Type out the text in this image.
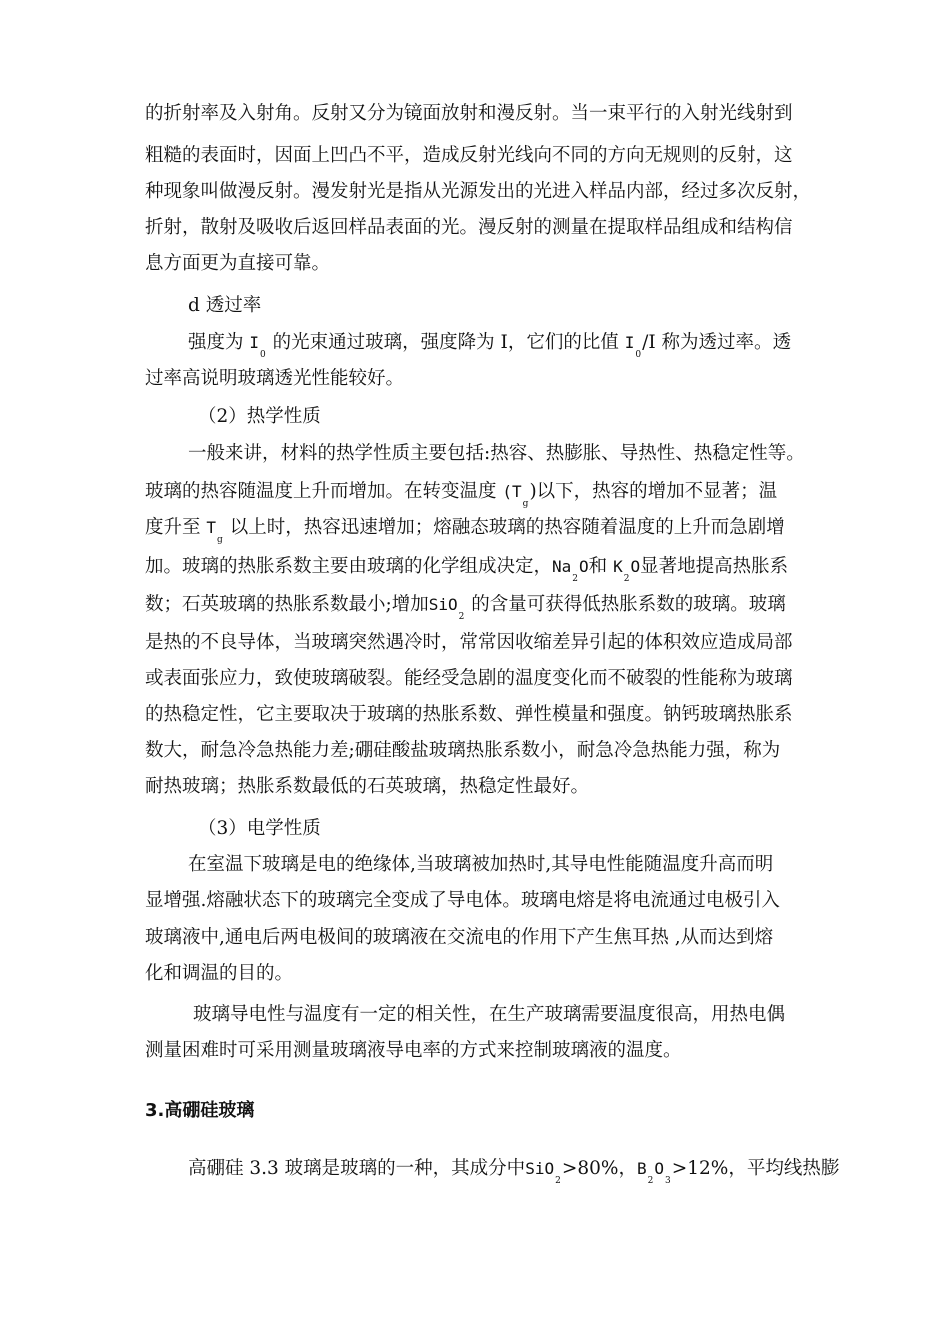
的折射率及入射角。反射又分为镜面放射和漫反射。当一束平行的入射光线射到
粗糙的表面时，因面上凹凸不平，造成反射光线向不同的方向无规则的反射，这
种现象叫做漫反射。漫发射光是指从光源发出的光进入样品内部，经过多次反射，
折射，散射及吸收后返回样品表面的光。漫反射的测量在提取样品组成和结构信
息方面更为直接可靠。
d 透过率
强度为 $I_0$ 的光束通过玻璃，强度降为 I，它们的比值 $I_0/I$ 称为透过率。透
过率高说明玻璃透光性能较好。
（2）热学性质
一般来讲，材料的热学性质主要包括:热容、热膨胀、导热性、热稳定性等。
玻璃的热容随温度上升而增加。在转变温度 $(T_g)$以下，热容的增加不显著；温
度升至 $T_g$ 以上时，热容迅速增加；熔融态玻璃的热容随着温度的上升而急剧增
加。玻璃的热胀系数主要由玻璃的化学组成决定，$Na_2O$和 $K_2O$显著地提高热胀系
数；石英玻璃的热胀系数最小;增加SiO$_2$ 的含量可获得低热胀系数的玻璃。玻璃
是热的不良导体，当玻璃突然遇冷时，常常因收缩差异引起的体积效应造成局部
或表面张应力，致使玻璃破裂。能经受急剧的温度变化而不破裂的性能称为玻璃
的热稳定性，它主要取决于玻璃的热胀系数、弹性模量和强度。钠钙玻璃热胀系
数大，耐急冷急热能力差;硼硅酸盐玻璃热胀系数小，耐急冷急热能力强，称为
耐热玻璃；热胀系数最低的石英玻璃，热稳定性最好。
（3）电学性质
在室温下玻璃是电的绝缘体,当玻璃被加热时,其导电性能随温度升高而明
显增强.熔融状态下的玻璃完全变成了导电体。玻璃电熔是将电流通过电极引入
玻璃液中,通电后两电极间的玻璃液在交流电的作用下产生焦耳热 ,从而达到熔
化和调温的目的。
玻璃导电性与温度有一定的相关性，在生产玻璃需要温度很高，用热电偶
测量困难时可采用测量玻璃液导电率的方式来控制玻璃液的温度。
3.高硼硅玻璃
高硼硅 3.3 玻璃是玻璃的一种，其成分中SiO$_2$>80%，$B_2O_3>12\%$，平均线热膨
